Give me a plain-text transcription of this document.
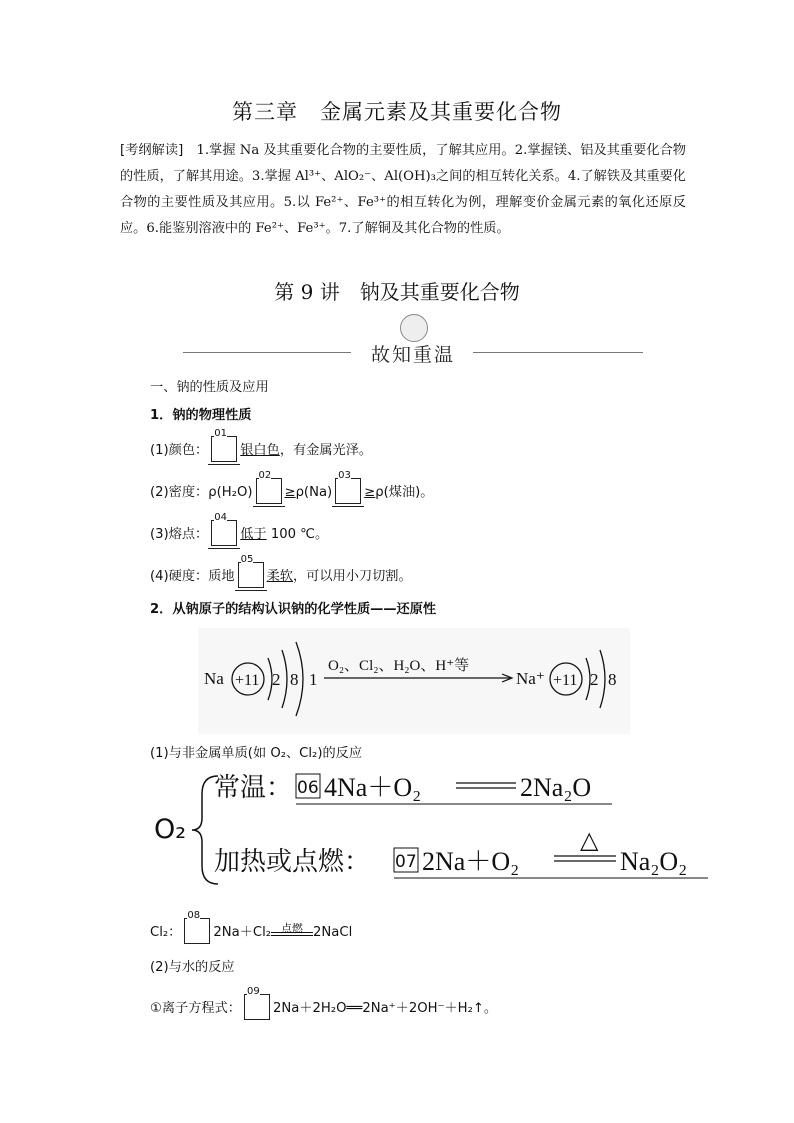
第三章　金属元素及其重要化合物
[考纲解读]　1.掌握 Na 及其重要化合物的主要性质，了解其应用。2.掌握镁、铝及其重要化合物的性质，了解其用途。3.掌握 Al³⁺、AlO₂⁻、Al(OH)₃之间的相互转化关系。4.了解铁及其重要化合物的主要性质及其应用。5.以 Fe²⁺、Fe³⁺的相互转化为例，理解变价金属元素的氧化还原反应。6.能鉴别溶液中的 Fe²⁺、Fe³⁺。7.了解铜及其化合物的性质。
第 9 讲　钠及其重要化合物
故知重温
一、钠的性质及应用
1．钠的物理性质
(1)颜色：
01
银白色，有金属光泽。
(2)密度：ρ(H₂O)
02
≥ρ(Na)
03
≥ρ(煤油)。
(3)熔点：
04
低于 100 ℃。
(4)硬度：质地
05
柔软，可以用小刀切割。
2．从钠原子的结构认识钠的化学性质——还原性
Na +11 2 8 1
O₂、Cl₂、H₂O、H⁺等
Na⁺ +11 2 8
(1)与非金属单质(如 O₂、Cl₂)的反应
O₂
常温： 06 4Na＋O₂	2Na₂O
加热或点燃： 07 2Na＋O₂
△
Na₂O₂
Cl₂：
08
2Na＋Cl₂ 点燃 2NaCl
(2)与水的反应
①离子方程式：
09
2Na＋2H₂O══2Na⁺＋2OH⁻＋H₂↑。
